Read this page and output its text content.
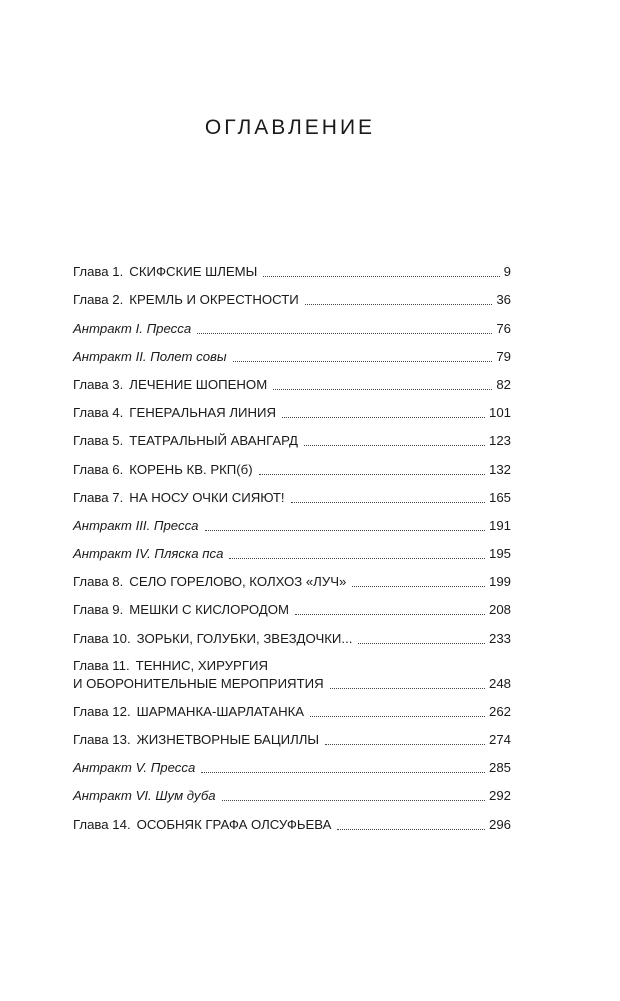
ОГЛАВЛЕНИЕ
Глава 1. СКИФСКИЕ ШЛЕМЫ	9
Глава 2. КРЕМЛЬ И ОКРЕСТНОСТИ	36
Антракт I. Пресса	76
Антракт II. Полет совы	79
Глава 3. ЛЕЧЕНИЕ ШОПЕНОМ	82
Глава 4. ГЕНЕРАЛЬНАЯ ЛИНИЯ	101
Глава 5. ТЕАТРАЛЬНЫЙ АВАНГАРД	123
Глава 6. КОРЕНЬ КВ. РКП(б)	132
Глава 7. НА НОСУ ОЧКИ СИЯЮТ!	165
Антракт III. Пресса	191
Антракт IV. Пляска пса	195
Глава 8. СЕЛО ГОРЕЛОВО, КОЛХОЗ «ЛУЧ»	199
Глава 9. МЕШКИ С КИСЛОРОДОМ	208
Глава 10. ЗОРЬКИ, ГОЛУБКИ, ЗВЕЗДОЧКИ...	233
Глава 11. ТЕННИС, ХИРУРГИЯ
И ОБОРОНИТЕЛЬНЫЕ МЕРОПРИЯТИЯ	248
Глава 12. ШАРМАНКА-ШАРЛАТАНКА	262
Глава 13. ЖИЗНЕТВОРНЫЕ БАЦИЛЛЫ	274
Антракт V. Пресса	285
Антракт VI. Шум дуба	292
Глава 14. ОСОБНЯК ГРАФА ОЛСУФЬЕВА	296
